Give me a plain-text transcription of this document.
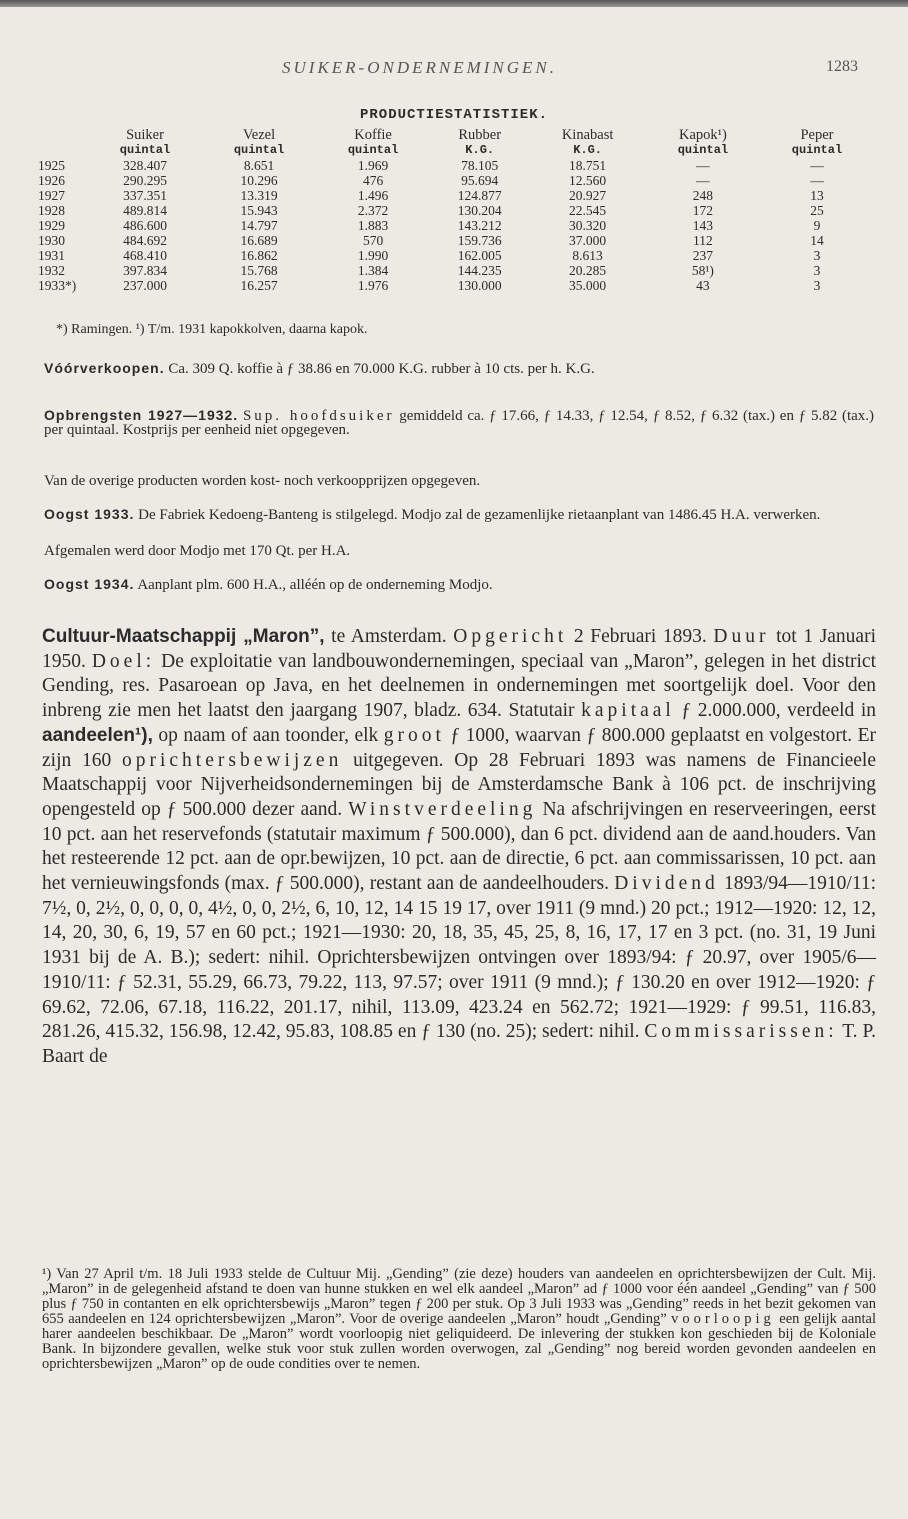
SUIKER-ONDERNEMINGEN.	1283
PRODUCTIESTATISTIEK.
	Suiker	Vezel	Koffie	Rubber	Kinabast	Kapok¹)	Peper
	quintal	quintal	quintal	K.G.	K.G.	quintal	quintal
1925	328.407	8.651	1.969	78.105	18.751	—	—
1926	290.295	10.296	476	95.694	12.560	—	—
1927	337.351	13.319	1.496	124.877	20.927	248	13
1928	489.814	15.943	2.372	130.204	22.545	172	25
1929	486.600	14.797	1.883	143.212	30.320	143	9
1930	484.692	16.689	570	159.736	37.000	112	14
1931	468.410	16.862	1.990	162.005	8.613	237	3
1932	397.834	15.768	1.384	144.235	20.285	58¹)	3
1933*)	237.000	16.257	1.976	130.000	35.000	43	3
*) Ramingen. ¹) T/m. 1931 kapokkolven, daarna kapok.
Vóórverkoopen. Ca. 309 Q. koffie à ƒ 38.86 en 70.000 K.G. rubber à 10 cts. per h. K.G.
Opbrengsten 1927—1932. Sup. hoofdsuiker gemiddeld ca. ƒ 17.66, ƒ 14.33, ƒ 12.54, ƒ 8.52, ƒ 6.32 (tax.) en ƒ 5.82 (tax.) per quintaal. Kostprijs per eenheid niet opgegeven.
Van de overige producten worden kost- noch verkoopprijzen opgegeven.
Oogst 1933. De Fabriek Kedoeng-Banteng is stilgelegd. Modjo zal de gezamenlijke rietaanplant van 1486.45 H.A. verwerken.
Afgemalen werd door Modjo met 170 Qt. per H.A.
Oogst 1934. Aanplant plm. 600 H.A., alléén op de onderneming Modjo.

Cultuur-Maatschappij „Maron”, te Amsterdam. Opgericht 2 Februari 1893. Duur tot 1 Januari 1950. Doel: De exploitatie van landbouwondernemingen, speciaal van „Maron”, gelegen in het district Gending, res. Pasaroean op Java, en het deelnemen in ondernemingen met soortgelijk doel. Voor den inbreng zie men het laatst den jaargang 1907, bladz. 634. Statutair kapitaal ƒ 2.000.000, verdeeld in aandeelen¹), op naam of aan toonder, elk groot ƒ 1000, waarvan ƒ 800.000 geplaatst en volgestort. Er zijn 160 oprichtersbewijzen uitgegeven. Op 28 Februari 1893 was namens de Financieele Maatschappij voor Nijverheidsondernemingen bij de Amsterdamsche Bank à 106 pct. de inschrijving opengesteld op ƒ 500.000 dezer aand. Winstverdeeling Na afschrijvingen en reserveeringen, eerst 10 pct. aan het reservefonds (statutair maximum ƒ 500.000), dan 6 pct. dividend aan de aand.houders. Van het resteerende 12 pct. aan de opr.bewijzen, 10 pct. aan de directie, 6 pct. aan commissarissen, 10 pct. aan het vernieuwingsfonds (max. ƒ 500.000), restant aan de aandeelhouders. Dividend 1893/94—1910/11: 7½, 0, 2½, 0, 0, 0, 0, 4½, 0, 0, 2½, 6, 10, 12, 14 15 19 17, over 1911 (9 mnd.) 20 pct.; 1912—1920: 12, 12, 14, 20, 30, 6, 19, 57 en 60 pct.; 1921—1930: 20, 18, 35, 45, 25, 8, 16, 17, 17 en 3 pct. (no. 31, 19 Juni 1931 bij de A. B.); sedert: nihil. Oprichtersbewijzen ontvingen over 1893/94: ƒ 20.97, over 1905/6—1910/11: ƒ 52.31, 55.29, 66.73, 79.22, 113, 97.57; over 1911 (9 mnd.); ƒ 130.20 en over 1912—1920: ƒ 69.62, 72.06, 67.18, 116.22, 201.17, nihil, 113.09, 423.24 en 562.72; 1921—1929: ƒ 99.51, 116.83, 281.26, 415.32, 156.98, 12.42, 95.83, 108.85 en ƒ 130 (no. 25); sedert: nihil. Commissarissen: T. P. Baart de

¹) Van 27 April t/m. 18 Juli 1933 stelde de Cultuur Mij. „Gending” (zie deze) houders van aandeelen en oprichtersbewijzen der Cult. Mij. „Maron” in de gelegenheid afstand te doen van hunne stukken en wel elk aandeel „Maron” ad ƒ 1000 voor één aandeel „Gending” van ƒ 500 plus ƒ 750 in contanten en elk oprichtersbewijs „Maron” tegen ƒ 200 per stuk. Op 3 Juli 1933 was „Gending” reeds in het bezit gekomen van 655 aandeelen en 124 oprichtersbewijzen „Maron”. Voor de overige aandeelen „Maron” houdt „Gending” voorloopig een gelijk aantal harer aandeelen beschikbaar. De „Maron” wordt voorloopig niet geliquideerd. De inlevering der stukken kon geschieden bij de Koloniale Bank. In bijzondere gevallen, welke stuk voor stuk zullen worden overwogen, zal „Gending” nog bereid worden gevonden aandeelen en oprichtersbewijzen „Maron” op de oude condities over te nemen.
